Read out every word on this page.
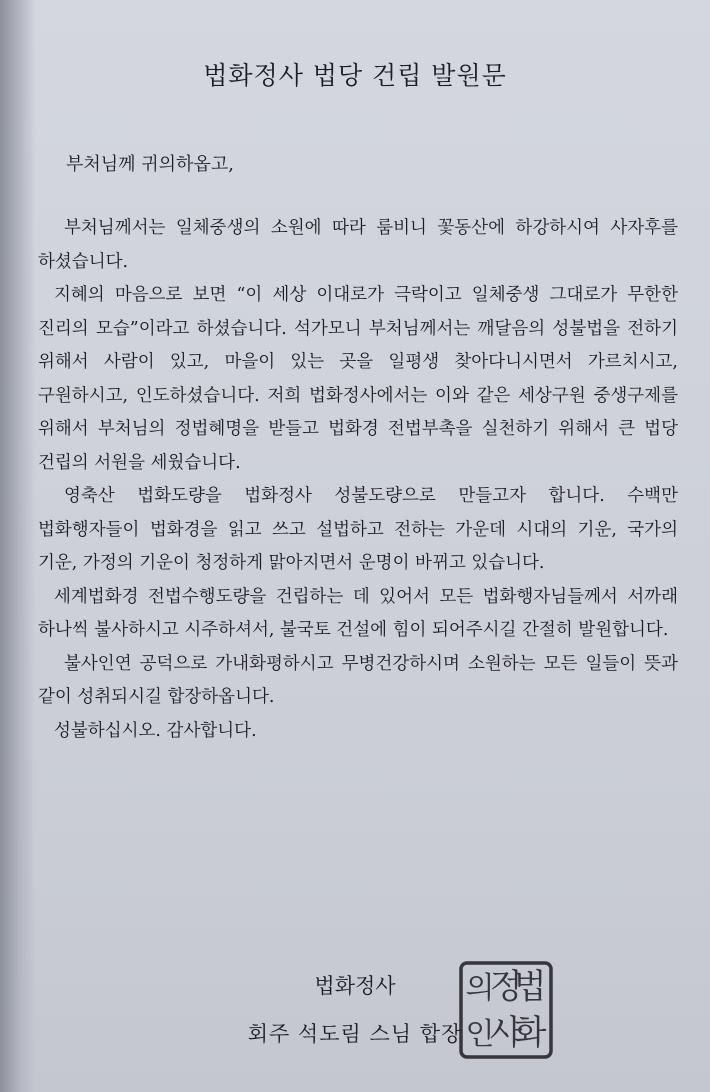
법화정사 법당 건립 발원문

부처님께 귀의하옵고,

부처님께서는 일체중생의 소원에 따라 룸비니 꽃동산에 하강하시여 사자후를 하셨습니다.
지혜의 마음으로 보면 “이 세상 이대로가 극락이고 일체중생 그대로가 무한한 진리의 모습”이라고 하셨습니다. 석가모니 부처님께서는 깨달음의 성불법을 전하기 위해서 사람이 있고, 마을이 있는 곳을 일평생 찾아다니시면서 가르치시고, 구원하시고, 인도하셨습니다. 저희 법화정사에서는 이와 같은 세상구원 중생구제를 위해서 부처님의 정법혜명을 받들고 법화경 전법부촉을 실천하기 위해서 큰 법당 건립의 서원을 세웠습니다.
영축산 법화도량을 법화정사 성불도량으로 만들고자 합니다. 수백만 법화행자들이 법화경을 읽고 쓰고 설법하고 전하는 가운데 시대의 기운, 국가의 기운, 가정의 기운이 청정하게 맑아지면서 운명이 바뀌고 있습니다.
세계법화경 전법수행도량을 건립하는 데 있어서 모든 법화행자님들께서 서까래 하나씩 불사하시고 시주하셔서, 불국토 건설에 힘이 되어주시길 간절히 발원합니다.
불사인연 공덕으로 가내화평하시고 무병건강하시며 소원하는 모든 일들이 뜻과 같이 성취되시길 합장하옵니다.
성불하십시오. 감사합니다.

법화정사

회주 석도림 스님 합장

법
정
의
화
사
인
